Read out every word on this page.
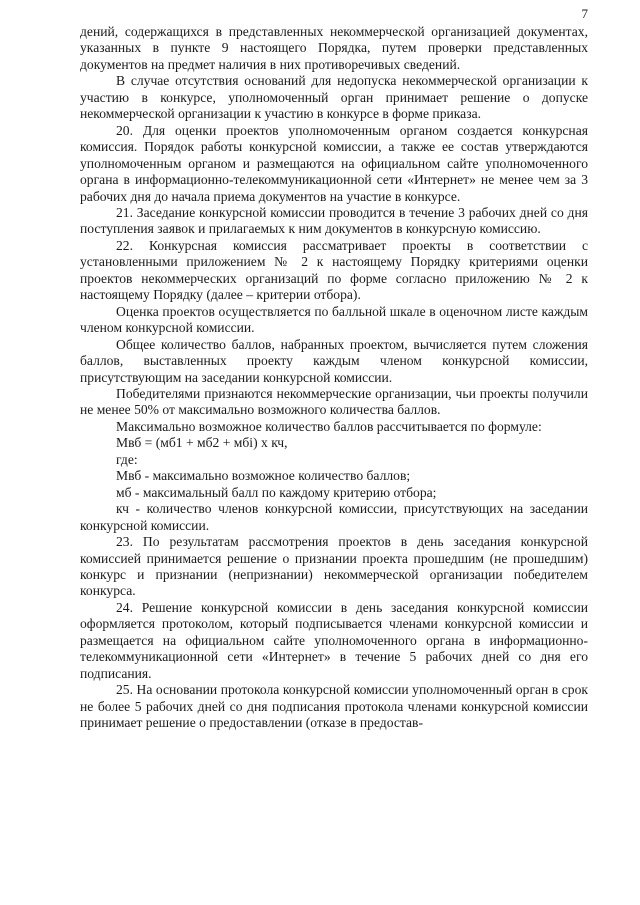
7

дений, содержащихся в представленных некоммерческой организацией документах, указанных в пункте 9 настоящего Порядка, путем проверки представленных документов на предмет наличия в них противоречивых сведений.

В случае отсутствия оснований для недопуска некоммерческой организации к участию в конкурсе, уполномоченный орган принимает решение о допуске некоммерческой организации к участию в конкурсе в форме приказа.

20. Для оценки проектов уполномоченным органом создается конкурсная комиссия. Порядок работы конкурсной комиссии, а также ее состав утверждаются уполномоченным органом и размещаются на официальном сайте уполномоченного органа в информационно-телекоммуникационной сети «Интернет» не менее чем за 3 рабочих дня до начала приема документов на участие в конкурсе.

21. Заседание конкурсной комиссии проводится в течение 3 рабочих дней со дня поступления заявок и прилагаемых к ним документов в конкурсную комиссию.

22. Конкурсная комиссия рассматривает проекты в соответствии с установленными приложением № 2 к настоящему Порядку критериями оценки проектов некоммерческих организаций по форме согласно приложению № 2 к настоящему Порядку (далее – критерии отбора).

Оценка проектов осуществляется по балльной шкале в оценочном листе каждым членом конкурсной комиссии.

Общее количество баллов, набранных проектом, вычисляется путем сложения баллов, выставленных проекту каждым членом конкурсной комиссии, присутствующим на заседании конкурсной комиссии.

Победителями признаются некоммерческие организации, чьи проекты получили не менее 50% от максимально возможного количества баллов.

Максимально возможное количество баллов рассчитывается по формуле:

Мвб = (мб1 + мб2 + мбi) х кч,

где:

Мвб - максимально возможное количество баллов;

мб - максимальный балл по каждому критерию отбора;

кч - количество членов конкурсной комиссии, присутствующих на заседании конкурсной комиссии.

23. По результатам рассмотрения проектов в день заседания конкурсной комиссией принимается решение о признании проекта прошедшим (не прошедшим) конкурс и признании (непризнании) некоммерческой организации победителем конкурса.

24. Решение конкурсной комиссии в день заседания конкурсной комиссии оформляется протоколом, который подписывается членами конкурсной комиссии и размещается на официальном сайте уполномоченного органа в информационно-телекоммуникационной сети «Интернет» в течение 5 рабочих дней со дня его подписания.

25. На основании протокола конкурсной комиссии уполномоченный орган в срок не более 5 рабочих дней со дня подписания протокола членами конкурсной комиссии принимает решение о предоставлении (отказе в предостав-
